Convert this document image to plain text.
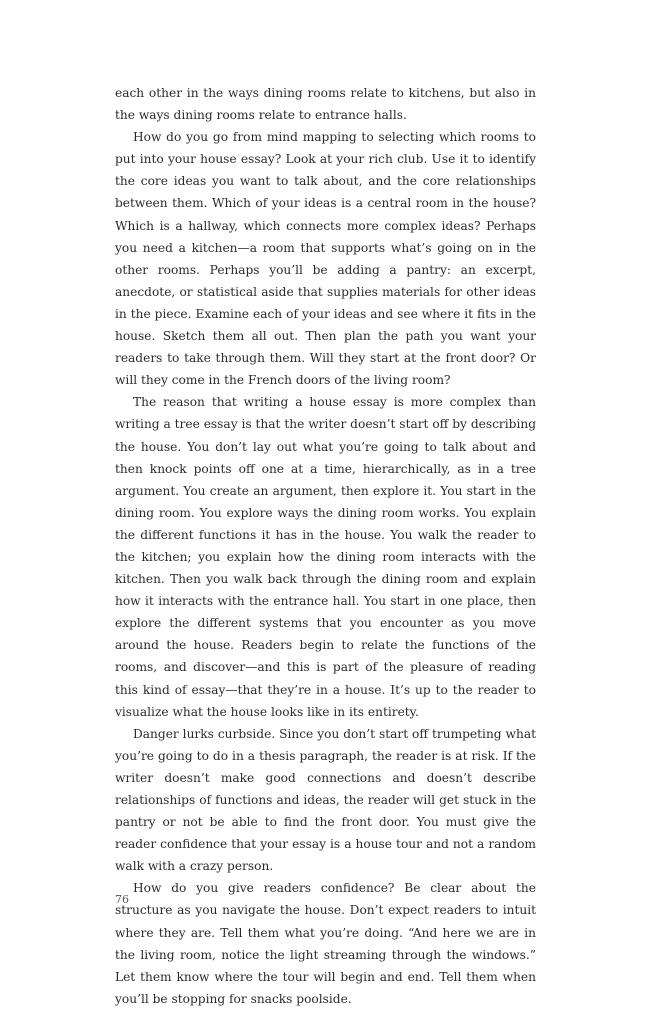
each other in the ways dining rooms relate to kitchens, but also in the ways dining rooms relate to entrance halls.

How do you go from mind mapping to selecting which rooms to put into your house essay? Look at your rich club. Use it to identify the core ideas you want to talk about, and the core relationships between them. Which of your ideas is a central room in the house? Which is a hallway, which connects more complex ideas? Perhaps you need a kitchen—a room that supports what’s going on in the other rooms. Perhaps you’ll be adding a pantry: an excerpt, anecdote, or statistical aside that supplies materials for other ideas in the piece. Examine each of your ideas and see where it fits in the house. Sketch them all out. Then plan the path you want your readers to take through them. Will they start at the front door? Or will they come in the French doors of the living room?

The reason that writing a house essay is more complex than writing a tree essay is that the writer doesn’t start off by describing the house. You don’t lay out what you’re going to talk about and then knock points off one at a time, hierarchically, as in a tree argument. You create an argument, then explore it. You start in the dining room. You explore ways the dining room works. You explain the different functions it has in the house. You walk the reader to the kitchen; you explain how the dining room interacts with the kitchen. Then you walk back through the dining room and explain how it interacts with the entrance hall. You start in one place, then explore the different systems that you encounter as you move around the house. Readers begin to relate the functions of the rooms, and discover—and this is part of the pleasure of reading this kind of essay—that they’re in a house. It’s up to the reader to visualize what the house looks like in its entirety.

Danger lurks curbside. Since you don’t start off trumpeting what you’re going to do in a thesis paragraph, the reader is at risk. If the writer doesn’t make good connections and doesn’t describe relationships of functions and ideas, the reader will get stuck in the pantry or not be able to find the front door. You must give the reader confidence that your essay is a house tour and not a random walk with a crazy person.

How do you give readers confidence? Be clear about the structure as you navigate the house. Don’t expect readers to intuit where they are. Tell them what you’re doing. “And here we are in the living room, notice the light streaming through the windows.” Let them know where the tour will begin and end. Tell them when you’ll be stopping for snacks poolside.

76
